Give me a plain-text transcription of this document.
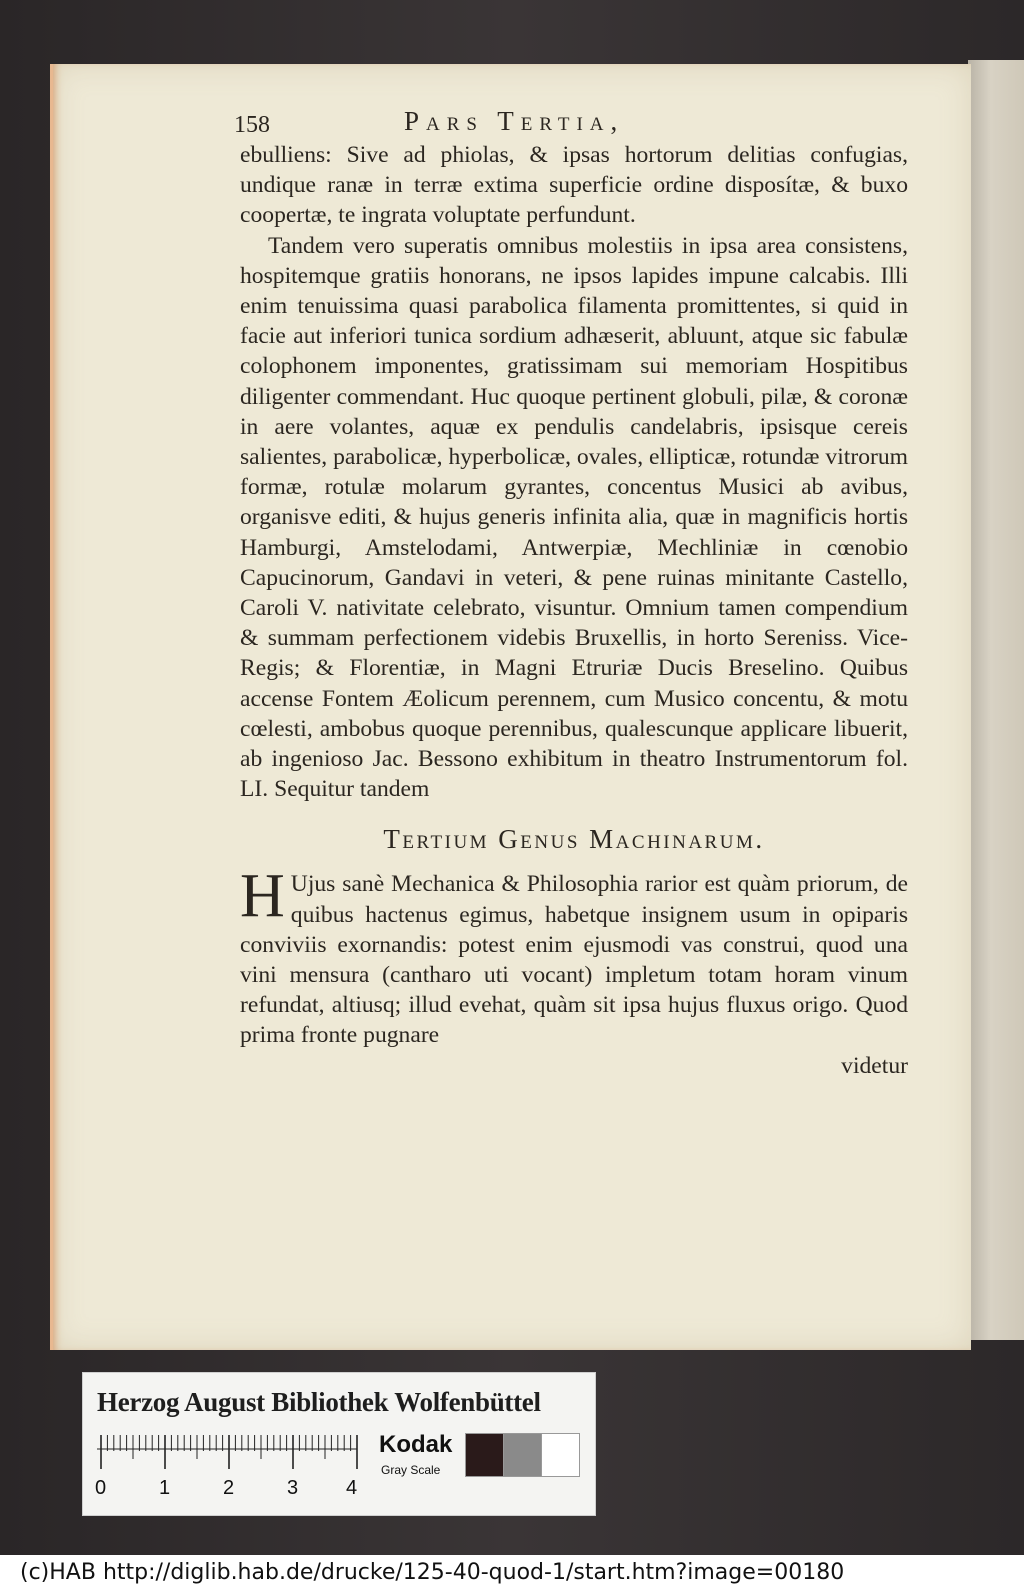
158	Pars Tertia,

ebulliens: Sive ad phiolas, & ipsas hortorum delitias confugias, undique ranæ in terræ extima superficie ordine disposítæ, & buxo coopertæ, te ingrata voluptate perfundunt.

Tandem vero superatis omnibus molestiis in ipsa area consistens, hospitemque gratiis honorans, ne ipsos lapides impune calcabis. Illi enim tenuissima quasi parabolica filamenta promittentes, si quid in facie aut inferiori tunica sordium adhæserit, abluunt, atque sic fabulæ colophonem imponentes, gratissimam sui memoriam Hospitibus diligenter commendant. Huc quoque pertinent globuli, pilæ, & coronæ in aere volantes, aquæ ex pendulis candelabris, ipsisque cereis salientes, parabolicæ, hyperbolicæ, ovales, ellipticæ, rotundæ vitrorum formæ, rotulæ molarum gyrantes, concentus Musici ab avibus, organisve editi, & hujus generis infinita alia, quæ in magnificis hortis Hamburgi, Amstelodami, Antwerpiæ, Mechliniæ in cœnobio Capucinorum, Gandavi in veteri, & pene ruinas minitante Castello, Caroli V. nativitate celebrato, visuntur. Omnium tamen compendium & summam perfectionem videbis Bruxellis, in horto Sereniss. Vice-Regis; & Florentiæ, in Magni Etruriæ Ducis Breselino. Quibus accense Fontem Æolicum perennem, cum Musico concentu, & motu cœlesti, ambobus quoque perennibus, qualescunque applicare libuerit, ab ingenioso Jac. Bessono exhibitum in theatro Instrumentorum fol. LI. Sequitur tandem

Tertium Genus Machinarum.

H Ujus sanè Mechanica & Philosophia rarior est quàm priorum, de quibus hactenus egimus, habetque insignem usum in opiparis conviviis exornandis: potest enim ejusmodi vas construi, quod una vini mensura (cantharo uti vocant) impletum totam horam vinum refundat, altiusq; illud evehat, quàm sit ipsa hujus fluxus origo. Quod prima fronte pugnare

videtur

Herzog August Bibliothek Wolfenbüttel
0	1	2	3 4
Kodak
Gray Scale
(c)HAB http://diglib.hab.de/drucke/125-40-quod-1/start.htm?image=00180
